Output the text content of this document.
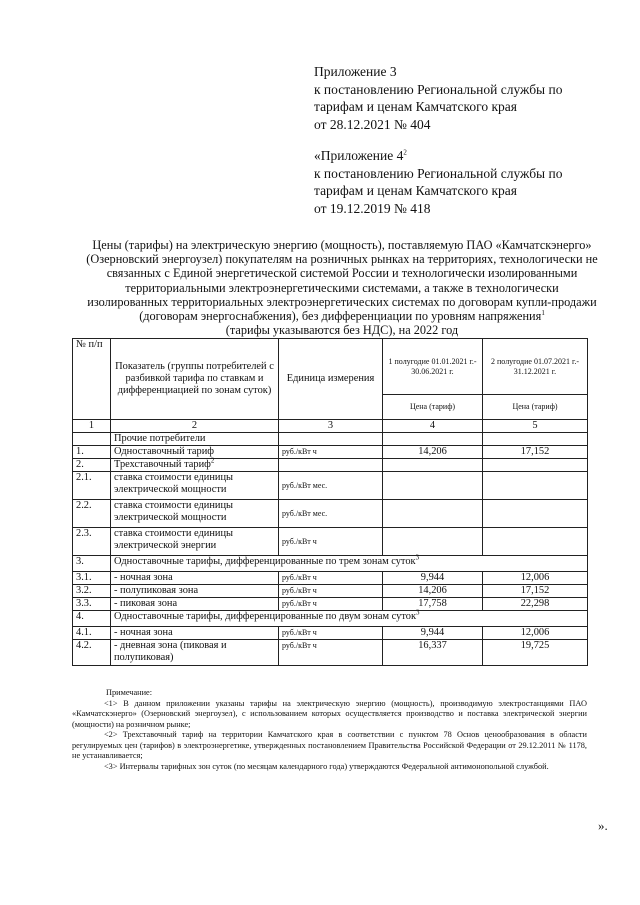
Приложение 3
к постановлению Региональной службы по
тарифам и ценам Камчатского края
от 28.12.2021 № 404
«Приложение $4^2$
к постановлению Региональной службы по
тарифам и ценам Камчатского края
от 19.12.2019 № 418
Цены (тарифы) на электрическую энергию (мощность), поставляемую ПАО «Камчатскэнерго»
(Озерновский энергоузел) покупателям на розничных рынках на территориях, технологически не
связанных с Единой энергетической системой России и технологически изолированными
территориальными электроэнергетическими системами, а также в технологически
изолированных территориальных электроэнергетических системах по договорам купли-продажи
(договорам энергоснабжения), без дифференциации по уровням напряжения$^1$
(тарифы указываются без НДС), на 2022 год
№ п/п	Показатель (группы потребителей с разбивкой тарифа по ставкам и дифференциацией по зонам суток)	Единица измерения	1 полугодие 01.01.2021 г.- 30.06.2021 г.	2 полугодие 01.07.2021 г.- 31.12.2021 г.
			Цена (тариф)	Цена (тариф)
1	2	3	4	5
	Прочие потребители			
1.	Одноставочный тариф	руб./кВт ч	14,206	17,152
2.	Трехставочный тариф$^2$			
2.1.	ставка стоимости единицы электрической мощности	руб./кВт мес.		
2.2.	ставка стоимости единицы электрической мощности	руб./кВт мес.		
2.3.	ставка стоимости единицы электрической энергии	руб./кВт ч		
3.	Одноставочные тарифы, дифференцированные по трем зонам суток$^3$
3.1.	- ночная зона	руб./кВт ч	9,944	12,006
3.2.	- полупиковая зона	руб./кВт ч	14,206	17,152
3.3.	- пиковая зона	руб./кВт ч	17,758	22,298
4.	Одноставочные тарифы, дифференцированные по двум зонам суток$^3$
4.1.	- ночная зона	руб./кВт ч	9,944	12,006
4.2.	- дневная зона (пиковая и полупиковая)	руб./кВт ч	16,337	19,725

Примечание:

<1> В данном приложении указаны тарифы на электрическую энергию (мощность), производимую электростанциями ПАО «Камчатскэнерго» (Озерновский энергоузел), с использованием которых осуществляется производство и поставка электрической энергии (мощности) на розничном рынке;

<2> Трехставочный тариф на территории Камчатского края в соответствии с пунктом 78 Основ ценообразования в области регулируемых цен (тарифов) в электроэнергетике, утвержденных постановлением Правительства Российской Федерации от 29.12.2011 № 1178, не устанавливается;

<3> Интервалы тарифных зон суток (по месяцам календарного года) утверждаются Федеральной антимонопольной службой.

».
